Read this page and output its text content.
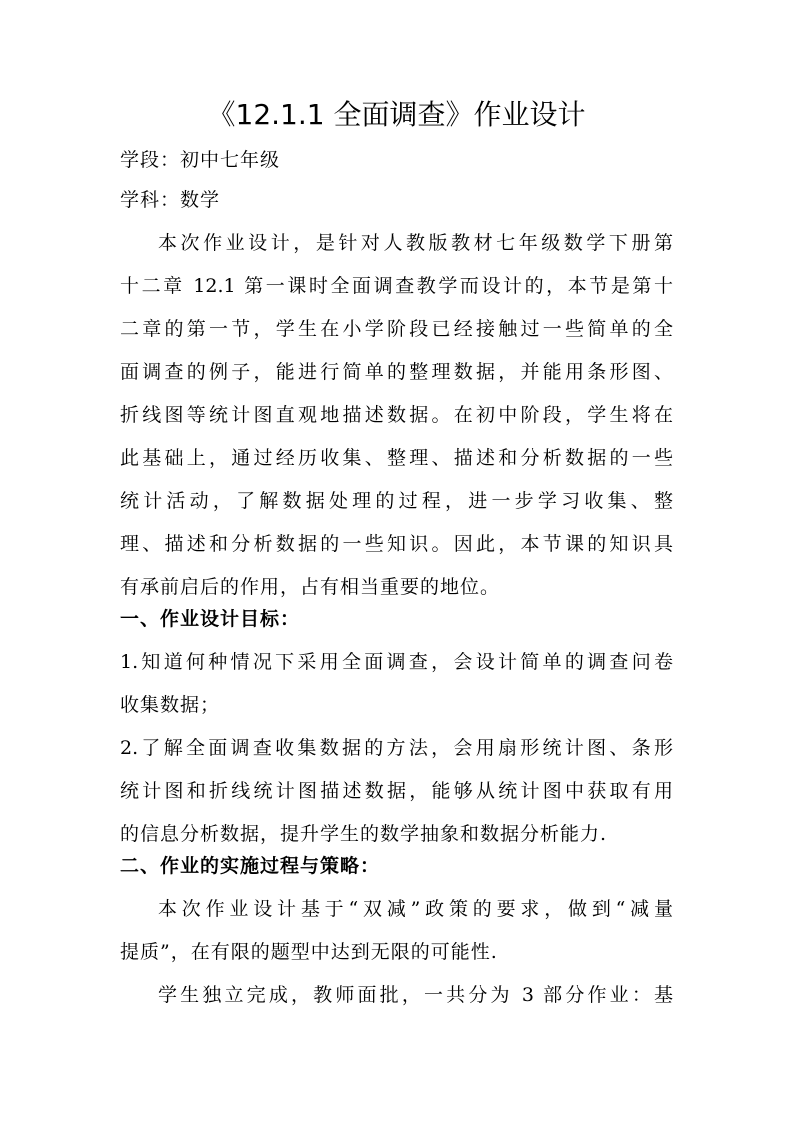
《12.1.1 全面调查》作业设计
学段：初中七年级
学科：数学
本次作业设计，是针对人教版教材七年级数学下册第
十二章 12.1 第一课时全面调查教学而设计的，本节是第十
二章的第一节，学生在小学阶段已经接触过一些简单的全
面调查的例子，能进行简单的整理数据，并能用条形图、
折线图等统计图直观地描述数据。在初中阶段，学生将在
此基础上，通过经历收集、整理、描述和分析数据的一些
统计活动，了解数据处理的过程，进一步学习收集、整
理、描述和分析数据的一些知识。因此，本节课的知识具
有承前启后的作用，占有相当重要的地位。
一、作业设计目标：
1.知道何种情况下采用全面调查，会设计简单的调查问卷
收集数据；
2.了解全面调查收集数据的方法，会用扇形统计图、条形
统计图和折线统计图描述数据，能够从统计图中获取有用
的信息分析数据，提升学生的数学抽象和数据分析能力.
二、作业的实施过程与策略：
本次作业设计基于“双减”政策的要求，做到“减量
提质”，在有限的题型中达到无限的可能性.
学生独立完成，教师面批，一共分为 3 部分作业：基
